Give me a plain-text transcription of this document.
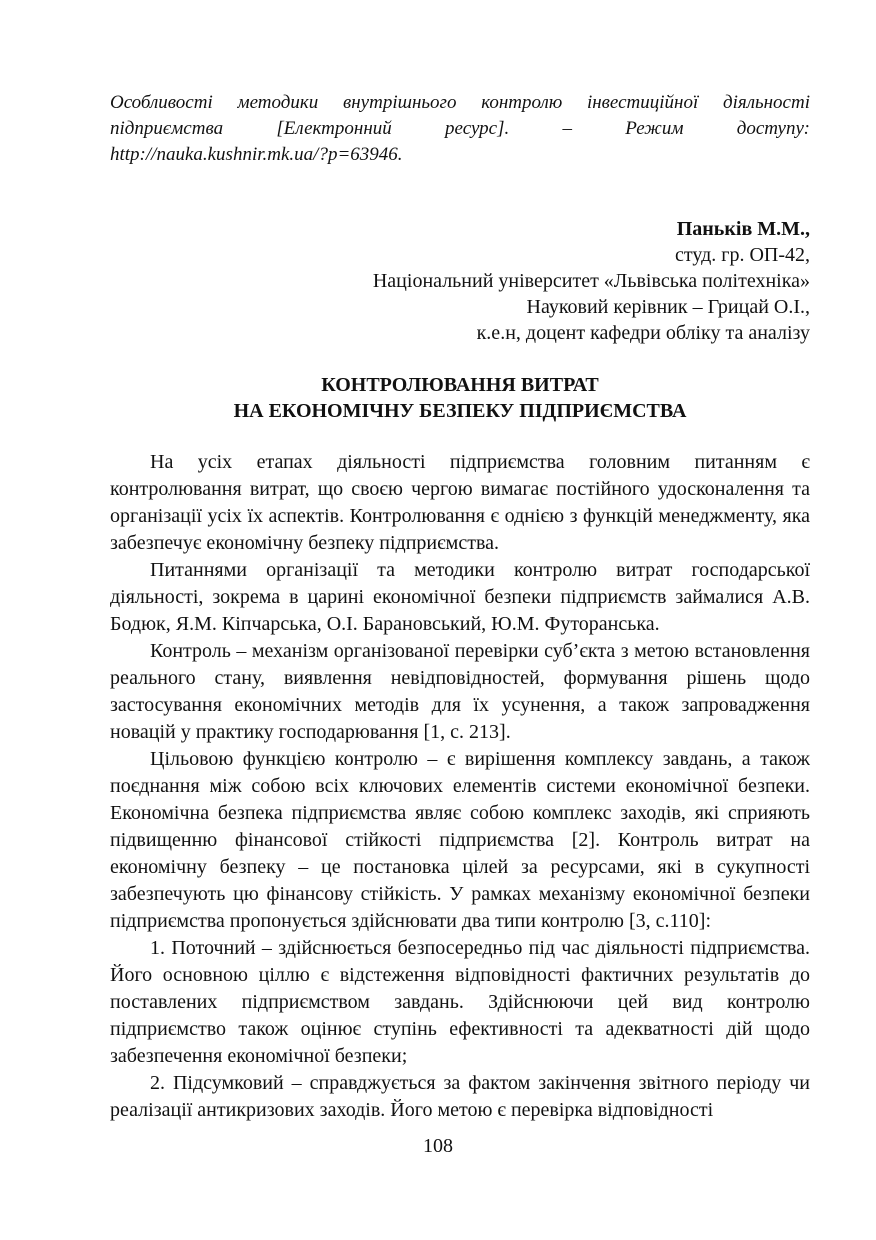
Особливості методики внутрішнього контролю інвестиційної діяльності
підприємства [Електронний ресурс]. – Режим доступу:
http://nauka.kushnir.mk.ua/?p=63946.
Паньків М.М.,
студ. гр. ОП-42,
Національний університет «Львівська політехніка»
Науковий керівник – Грицай О.І.,
к.е.н, доцент кафедри обліку та аналізу
КОНТРОЛЮВАННЯ ВИТРАТ
НА ЕКОНОМІЧНУ БЕЗПЕКУ ПІДПРИЄМСТВА

На усіх етапах діяльності підприємства головним питанням є контролювання витрат, що своєю чергою вимагає постійного удосконалення та організації усіх їх аспектів. Контролювання є однією з функцій менеджменту, яка забезпечує економічну безпеку підприємства.

Питаннями організації та методики контролю витрат господарської діяльності, зокрема в царині економічної безпеки підприємств займалися А.В. Бодюк, Я.М. Кіпчарська, О.І. Барановський, Ю.М. Футоранська.

Контроль – механізм організованої перевірки суб’єкта з метою встановлення реального стану, виявлення невідповідностей, формування рішень щодо застосування економічних методів для їх усунення, а також запровадження новацій у практику господарювання [1, с. 213].

Цільовою функцією контролю – є вирішення комплексу завдань, а також поєднання між собою всіх ключових елементів системи економічної безпеки. Економічна безпека підприємства являє собою комплекс заходів, які сприяють підвищенню фінансової стійкості підприємства [2]. Контроль витрат на економічну безпеку – це постановка цілей за ресурсами, які в сукупності забезпечують цю фінансову стійкість. У рамках механізму економічної безпеки підприємства пропонується здійснювати два типи контролю [3, с.110]:

1. Поточний – здійснюється безпосередньо під час діяльності підприємства. Його основною ціллю є відстеження відповідності фактичних результатів до поставлених підприємством завдань. Здійснюючи цей вид контролю підприємство також оцінює ступінь ефективності та адекватності дій щодо забезпечення економічної безпеки;

2. Підсумковий – справджується за фактом закінчення звітного періоду чи реалізації антикризових заходів. Його метою є перевірка відповідності

108
